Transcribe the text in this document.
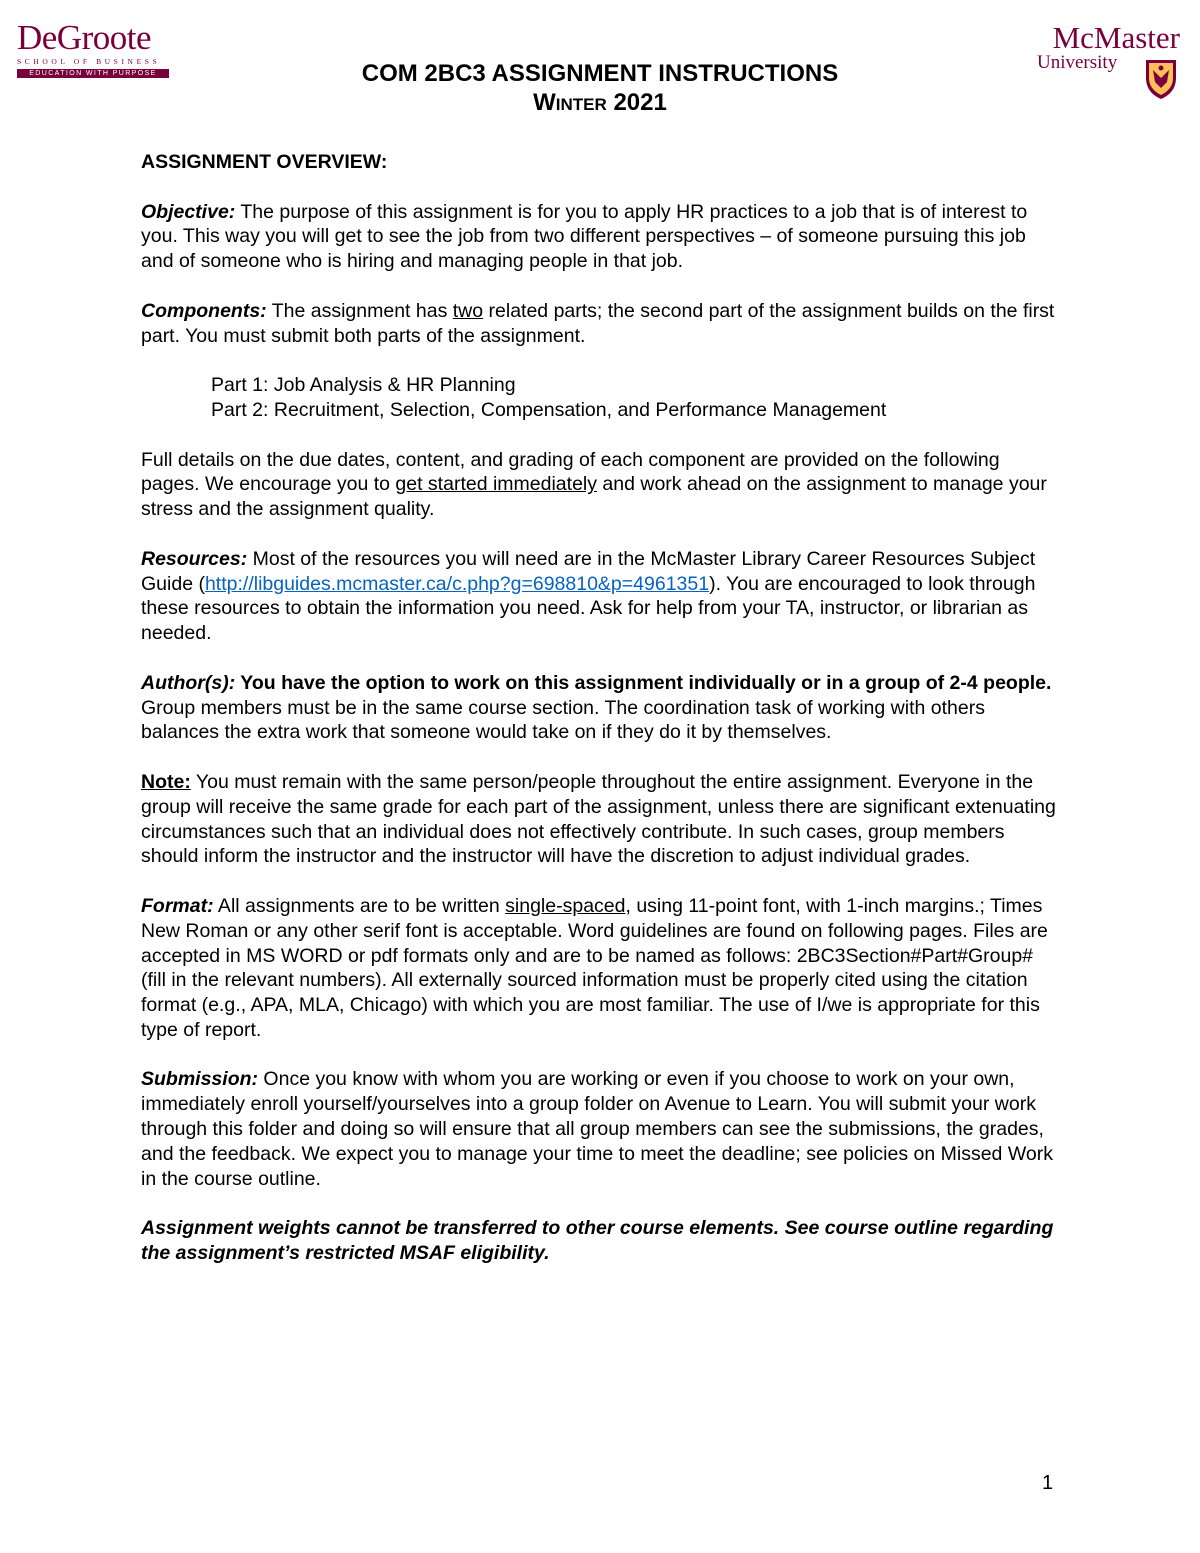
DeGroote
SCHOOL OF BUSINESS
EDUCATION WITH PURPOSE
McMaster
University
COM 2BC3 ASSIGNMENT INSTRUCTIONS
Winter 2021

ASSIGNMENT OVERVIEW:

Objective: The purpose of this assignment is for you to apply HR practices to a job that is of interest to you. This way you will get to see the job from two different perspectives – of someone pursuing this job and of someone who is hiring and managing people in that job.

Components: The assignment has two related parts; the second part of the assignment builds on the first part. You must submit both parts of the assignment.

Part 1: Job Analysis & HR Planning
Part 2: Recruitment, Selection, Compensation, and Performance Management

Full details on the due dates, content, and grading of each component are provided on the following pages. We encourage you to get started immediately and work ahead on the assignment to manage your stress and the assignment quality.

Resources: Most of the resources you will need are in the McMaster Library Career Resources Subject Guide (http://libguides.mcmaster.ca/c.php?g=698810&p=4961351). You are encouraged to look through these resources to obtain the information you need. Ask for help from your TA, instructor, or librarian as needed.

Author(s): You have the option to work on this assignment individually or in a group of 2-4 people. Group members must be in the same course section. The coordination task of working with others balances the extra work that someone would take on if they do it by themselves.

Note: You must remain with the same person/people throughout the entire assignment. Everyone in the group will receive the same grade for each part of the assignment, unless there are significant extenuating circumstances such that an individual does not effectively contribute. In such cases, group members should inform the instructor and the instructor will have the discretion to adjust individual grades.

Format: All assignments are to be written single-spaced, using 11-point font, with 1-inch margins.; Times New Roman or any other serif font is acceptable. Word guidelines are found on following pages. Files are accepted in MS WORD or pdf formats only and are to be named as follows: 2BC3Section#Part#Group# (fill in the relevant numbers). All externally sourced information must be properly cited using the citation format (e.g., APA, MLA, Chicago) with which you are most familiar. The use of I/we is appropriate for this type of report.

Submission: Once you know with whom you are working or even if you choose to work on your own, immediately enroll yourself/yourselves into a group folder on Avenue to Learn. You will submit your work through this folder and doing so will ensure that all group members can see the submissions, the grades, and the feedback. We expect you to manage your time to meet the deadline; see policies on Missed Work in the course outline.

Assignment weights cannot be transferred to other course elements. See course outline regarding the assignment’s restricted MSAF eligibility.

1
